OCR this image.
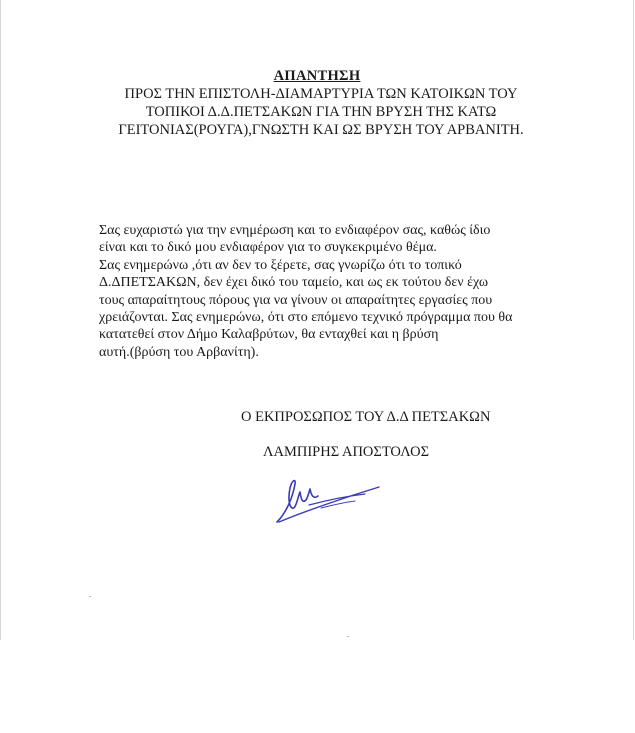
ΑΠΑΝΤΗΣΗ
ΠΡΟΣ ΤΗΝ ΕΠΙΣΤΟΛΗ-ΔΙΑΜΑΡΤΥΡΙΑ ΤΩΝ ΚΑΤΟΙΚΩΝ ΤΟΥ
ΤΟΠΙΚΟΙ Δ.Δ.ΠΕΤΣΑΚΩΝ ΓΙΑ ΤΗΝ ΒΡΥΣΗ ΤΗΣ ΚΑΤΩ
ΓΕΙΤΟΝΙΑΣ(ΡΟΥΓΑ),ΓΝΩΣΤΗ ΚΑΙ ΩΣ ΒΡΥΣΗ ΤΟΥ ΑΡΒΑΝΙΤΗ.

Σας ευχαριστώ για την ενημέρωση και το ενδιαφέρον σας, καθώς ίδιο

είναι και το δικό μου ενδιαφέρον για το συγκεκριμένο θέμα.

Σας ενημερώνω ,ότι αν δεν το ξέρετε, σας γνωρίζω ότι το τοπικό

Δ.ΔΠΕΤΣΑΚΩΝ, δεν έχει δικό του ταμείο, και ως εκ τούτου δεν έχω

τους απαραίτητους πόρους για να γίνουν οι απαραίτητες εργασίες που

χρειάζονται. Σας ενημερώνω, ότι στο επόμενο τεχνικό πρόγραμμα που θα

κατατεθεί στον Δήμο Καλαβρύτων, θα ενταχθεί και η βρύση

αυτή.(βρύση του Αρβανίτη).

Ο ΕΚΠΡΟΣΩΠΟΣ ΤΟΥ Δ.Δ ΠΕΤΣΑΚΩΝ
ΛΑΜΠΙΡΗΣ ΑΠΟΣΤΟΛΟΣ
